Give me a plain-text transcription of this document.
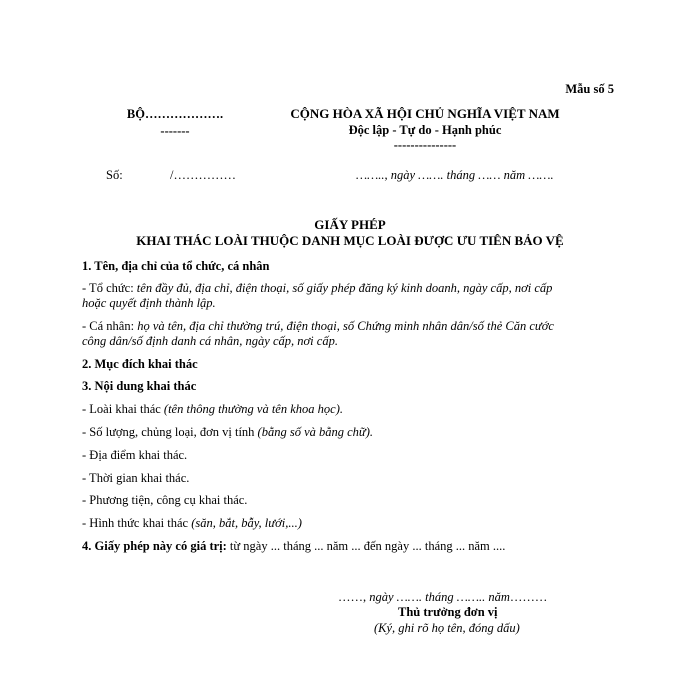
Mẫu số 5
BỘ……………….
-------
CỘNG HÒA XÃ HỘI CHỦ NGHĨA VIỆT NAM
Độc lập - Tự do - Hạnh phúc
---------------
Số:	/……………	…….., ngày ……. tháng …… năm …….
GIẤY PHÉP
KHAI THÁC LOÀI THUỘC DANH MỤC LOÀI ĐƯỢC ƯU TIÊN BẢO VỆ
1. Tên, địa chỉ của tổ chức, cá nhân
- Tổ chức: tên đầy đủ, địa chỉ, điện thoại, số giấy phép đăng ký kinh doanh, ngày cấp, nơi cấp
hoặc quyết định thành lập.
- Cá nhân: họ và tên, địa chỉ thường trú, điện thoại, số Chứng minh nhân dân/số thẻ Căn cước
công dân/số định danh cá nhân, ngày cấp, nơi cấp.
2. Mục đích khai thác
3. Nội dung khai thác
- Loài khai thác (tên thông thường và tên khoa học).
- Số lượng, chủng loại, đơn vị tính (bằng số và bằng chữ).
- Địa điểm khai thác.
- Thời gian khai thác.
- Phương tiện, công cụ khai thác.
- Hình thức khai thác (săn, bắt, bẫy, lưới,...)
4. Giấy phép này có giá trị: từ ngày ... tháng ... năm ... đến ngày ... tháng ... năm ....
……, ngày ……. tháng …….. năm………
Thủ trưởng đơn vị
(Ký, ghi rõ họ tên, đóng dấu)
